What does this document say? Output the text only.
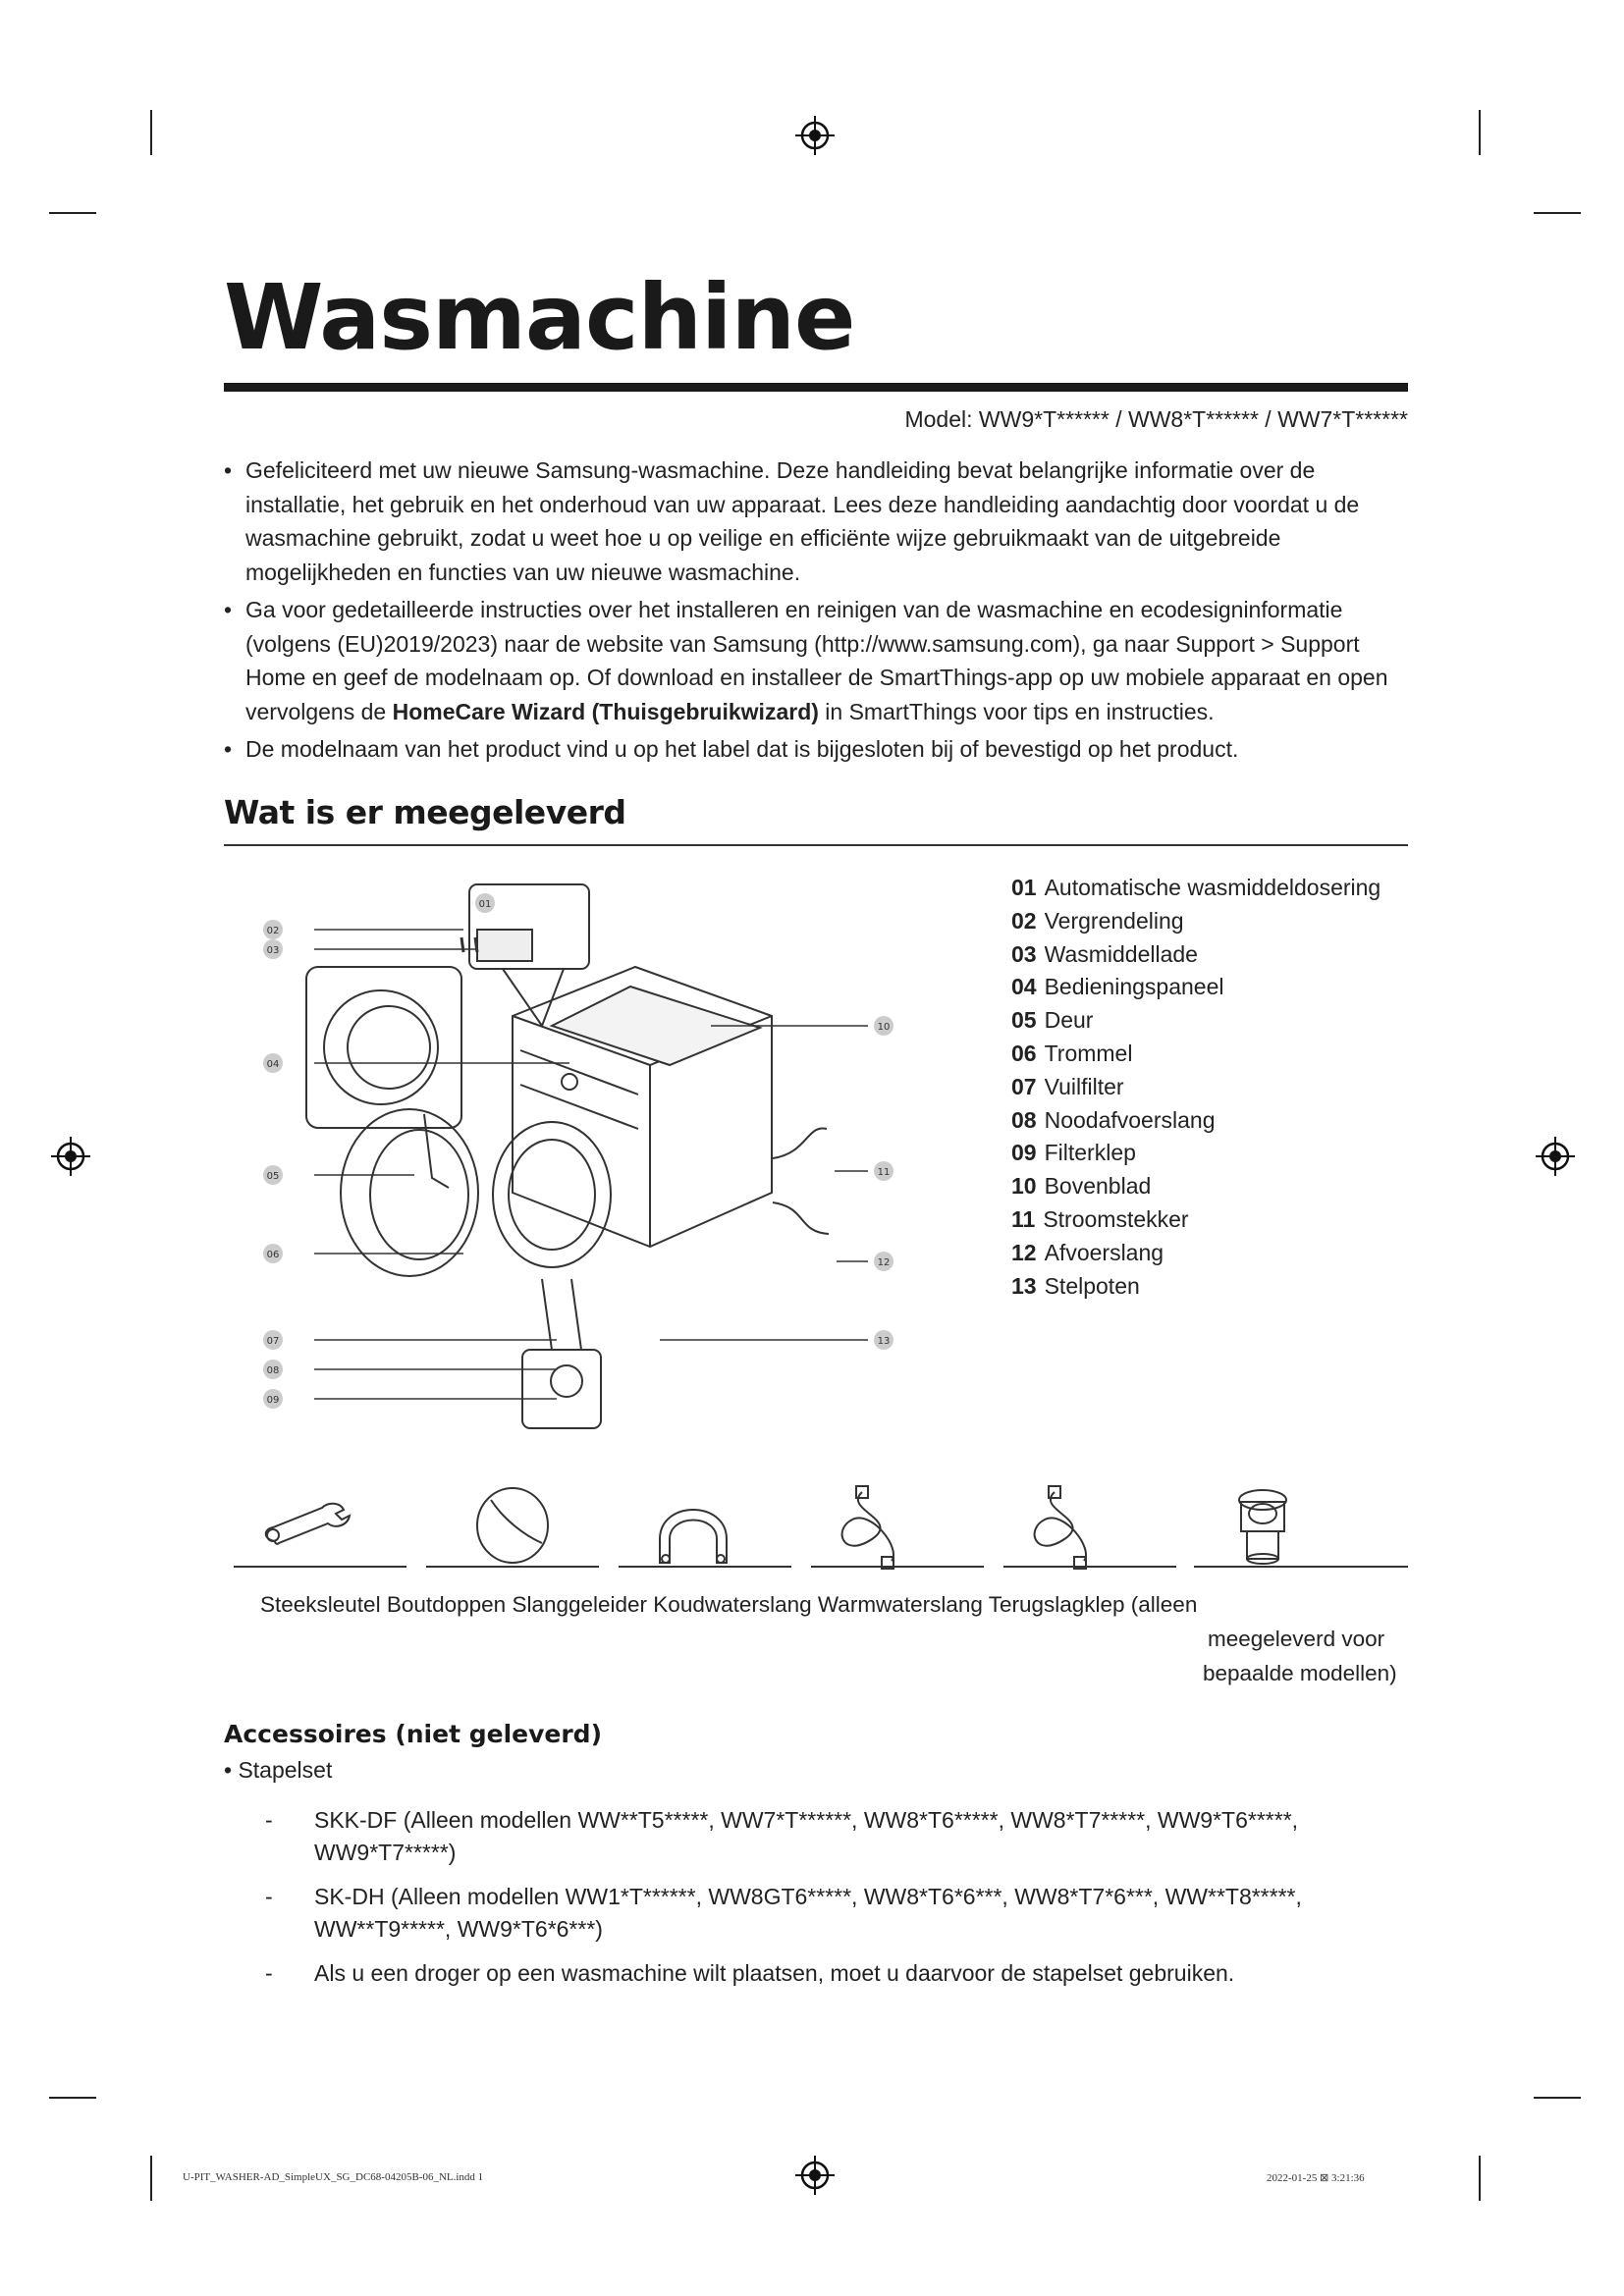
Wasmachine
Model: WW9*T****** / WW8*T****** / WW7*T******
• Gefeliciteerd met uw nieuwe Samsung-wasmachine. Deze handleiding bevat belangrijke informatie over de installatie, het gebruik en het onderhoud van uw apparaat. Lees deze handleiding aandachtig door voordat u de wasmachine gebruikt, zodat u weet hoe u op veilige en efficiënte wijze gebruikmaakt van de uitgebreide mogelijkheden en functies van uw nieuwe wasmachine.
• Ga voor gedetailleerde instructies over het installeren en reinigen van de wasmachine en ecodesigninformatie (volgens (EU)2019/2023) naar de website van Samsung (http://www.samsung.com), ga naar Support > Support Home en geef de modelnaam op. Of download en installeer de SmartThings-app op uw mobiele apparaat en open vervolgens de HomeCare Wizard (Thuisgebruikwizard) in SmartThings voor tips en instructies.
• De modelnaam van het product vind u op het label dat is bijgesloten bij of bevestigd op het product.
Wat is er meegeleverd
01
02
03
04
05
06
07
08
09
10
11
12
13
01 Automatische wasmiddeldosering
02 Vergrendeling
03 Wasmiddellade
04 Bedieningspaneel
05 Deur
06 Trommel
07 Vuilfilter
08 Noodafvoerslang
09 Filterklep
10 Bovenblad
11 Stroomstekker
12 Afvoerslang
13 Stelpoten
Steeksleutel Boutdoppen Slanggeleider Koudwaterslang Warmwaterslang Terugslagklep (alleen
meegeleverd voor
bepaalde modellen)
Accessoires (niet geleverd)
• Stapelset
- SKK-DF (Alleen modellen WW**T5*****, WW7*T******, WW8*T6*****, WW8*T7*****, WW9*T6*****, WW9*T7*****)
- SK-DH (Alleen modellen WW1*T******, WW8GT6*****, WW8*T6*6***, WW8*T7*6***, WW**T8*****, WW**T9*****, WW9*T6*6***)
- Als u een droger op een wasmachine wilt plaatsen, moet u daarvoor de stapelset gebruiken.
U-PIT_WASHER-AD_SimpleUX_SG_DC68-04205B-06_NL.indd 1	2022-01-25 ⊠ 3:21:36
